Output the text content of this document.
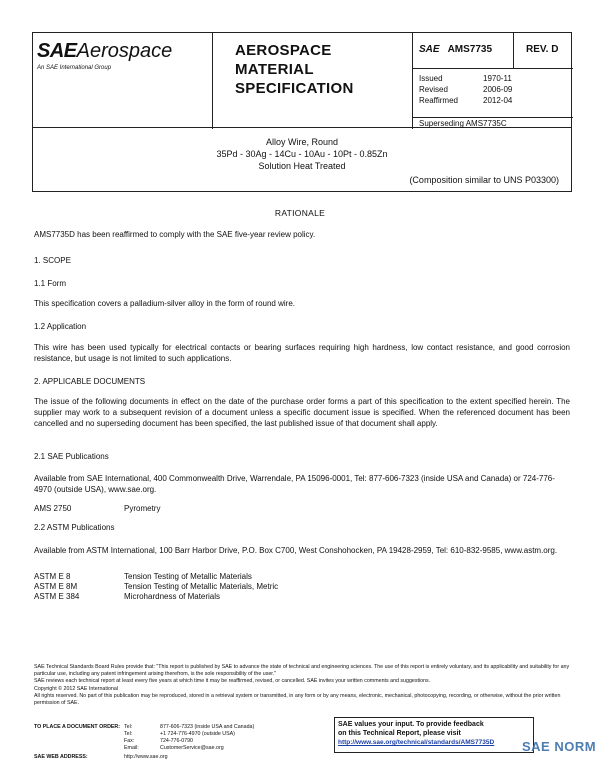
SAEAerospace
An SAE International Group
AEROSPACE
MATERIAL
SPECIFICATION
SAE AMS7735	REV. D
Issued	1970-11
Revised	2006-09
Reaffirmed	2012-04
Superseding AMS7735C
Alloy Wire, Round
35Pd - 30Ag - 14Cu - 10Au - 10Pt - 0.85Zn
Solution Heat Treated
(Composition similar to UNS P03300)
RATIONALE
AMS7735D has been reaffirmed to comply with the SAE five-year review policy.
1. SCOPE
1.1 Form
This specification covers a palladium-silver alloy in the form of round wire.
1.2 Application
This wire has been used typically for electrical contacts or bearing surfaces requiring high hardness, low contact resistance, and good corrosion resistance, but usage is not limited to such applications.
2. APPLICABLE DOCUMENTS
The issue of the following documents in effect on the date of the purchase order forms a part of this specification to the extent specified herein. The supplier may work to a subsequent revision of a document unless a specific document issue is specified. When the referenced document has been cancelled and no superseding document has been specified, the last published issue of that document shall apply.
2.1 SAE Publications
Available from SAE International, 400 Commonwealth Drive, Warrendale, PA 15096-0001, Tel: 877-606-7323 (inside USA and Canada) or 724-776-4970 (outside USA), www.sae.org.
AMS 2750	Pyrometry
2.2 ASTM Publications
Available from ASTM International, 100 Barr Harbor Drive, P.O. Box C700, West Conshohocken, PA 19428-2959, Tel: 610-832-9585, www.astm.org.
ASTM E 8	Tension Testing of Metallic Materials
ASTM E 8M	Tension Testing of Metallic Materials, Metric
ASTM E 384	Microhardness of Materials
SAE Technical Standards Board Rules provide that: "This report is published by SAE to advance the state of technical and engineering sciences. The use of this report is entirely voluntary, and its applicability and suitability for any particular use, including any patent infringement arising therefrom, is the sole responsibility of the user."
SAE reviews each technical report at least every five years at which time it may be reaffirmed, revised, or cancelled. SAE invites your written comments and suggestions.
Copyright © 2012 SAE International
All rights reserved. No part of this publication may be reproduced, stored in a retrieval system or transmitted, in any form or by any means, electronic, mechanical, photocopying, recording, or otherwise, without the prior written permission of SAE.
TO PLACE A DOCUMENT ORDER: Tel:	877-606-7323 (inside USA and Canada)
Tel:	+1 724-776-4970 (outside USA)
Fax:	724-776-0790
Email:	CustomerService@sae.org
SAE WEB ADDRESS:	http://www.sae.org
SAE values your input. To provide feedback
on this Technical Report, please visit
http://www.sae.org/technical/standards/AMS7735D	SAE NORM
